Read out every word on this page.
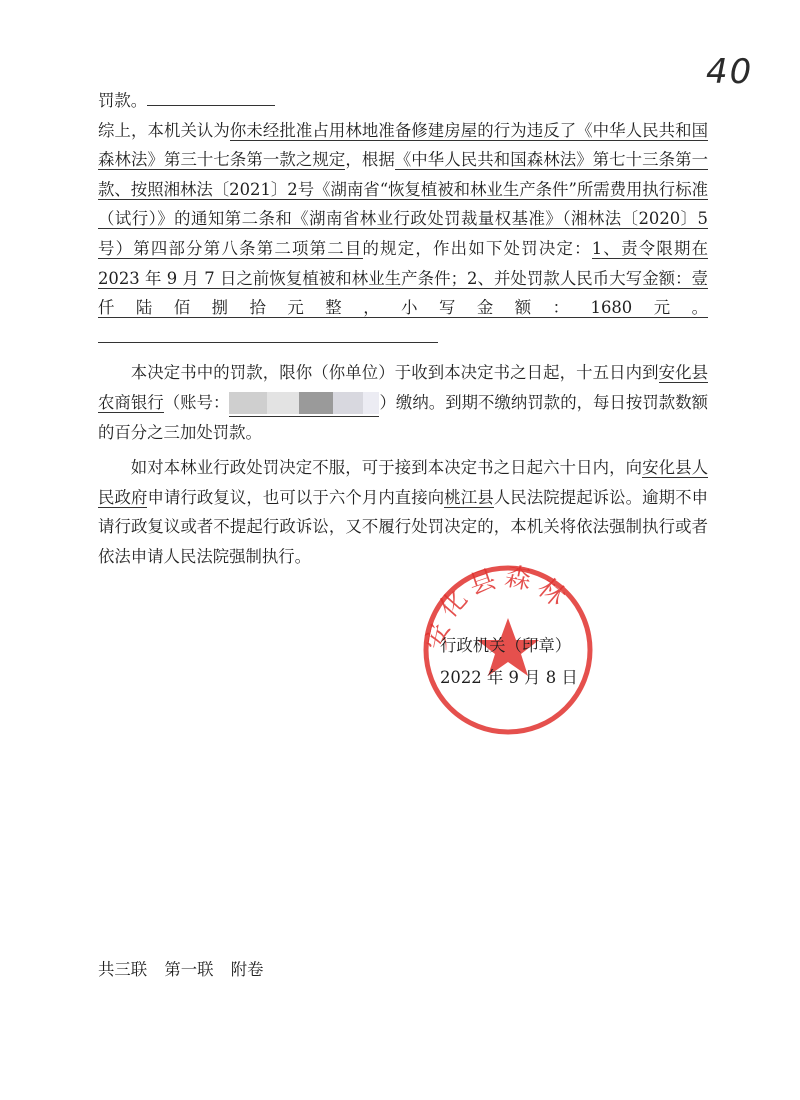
40

罚款。

综上，本机关认为你未经批准占用林地准备修建房屋的行为违反了《中华人民共和国森林法》第三十七条第一款之规定，根据《中华人民共和国森林法》第七十三条第一款、按照湘林法〔2021〕2号《湖南省“恢复植被和林业生产条件”所需费用执行标准（试行）》的通知第二条和《湖南省林业行政处罚裁量权基准》（湘林法〔2020〕5号）第四部分第八条第二项第二目的规定，作出如下处罚决定：1、责令限期在 2023 年 9 月 7 日之前恢复植被和林业生产条件；2、并处罚款人民币大写金额：壹仟陆佰捌拾元整，小写金额：1680元。

本决定书中的罚款，限你（你单位）于收到本决定书之日起，十五日内到安化县农商银行（账号：	）缴纳。到期不缴纳罚款的，每日按罚款数额的百分之三加处罚款。

如对本林业行政处罚决定不服，可于接到本决定书之日起六十日内，向安化县人民政府申请行政复议，也可以于六个月内直接向桃江县人民法院提起诉讼。逾期不申请行政复议或者不提起行政诉讼，又不履行处罚决定的，本机关将依法强制执行或者依法申请人民法院强制执行。

安化县森林
行政机关（印章）
2022 年 9 月 8 日
共三联 第一联 附卷
